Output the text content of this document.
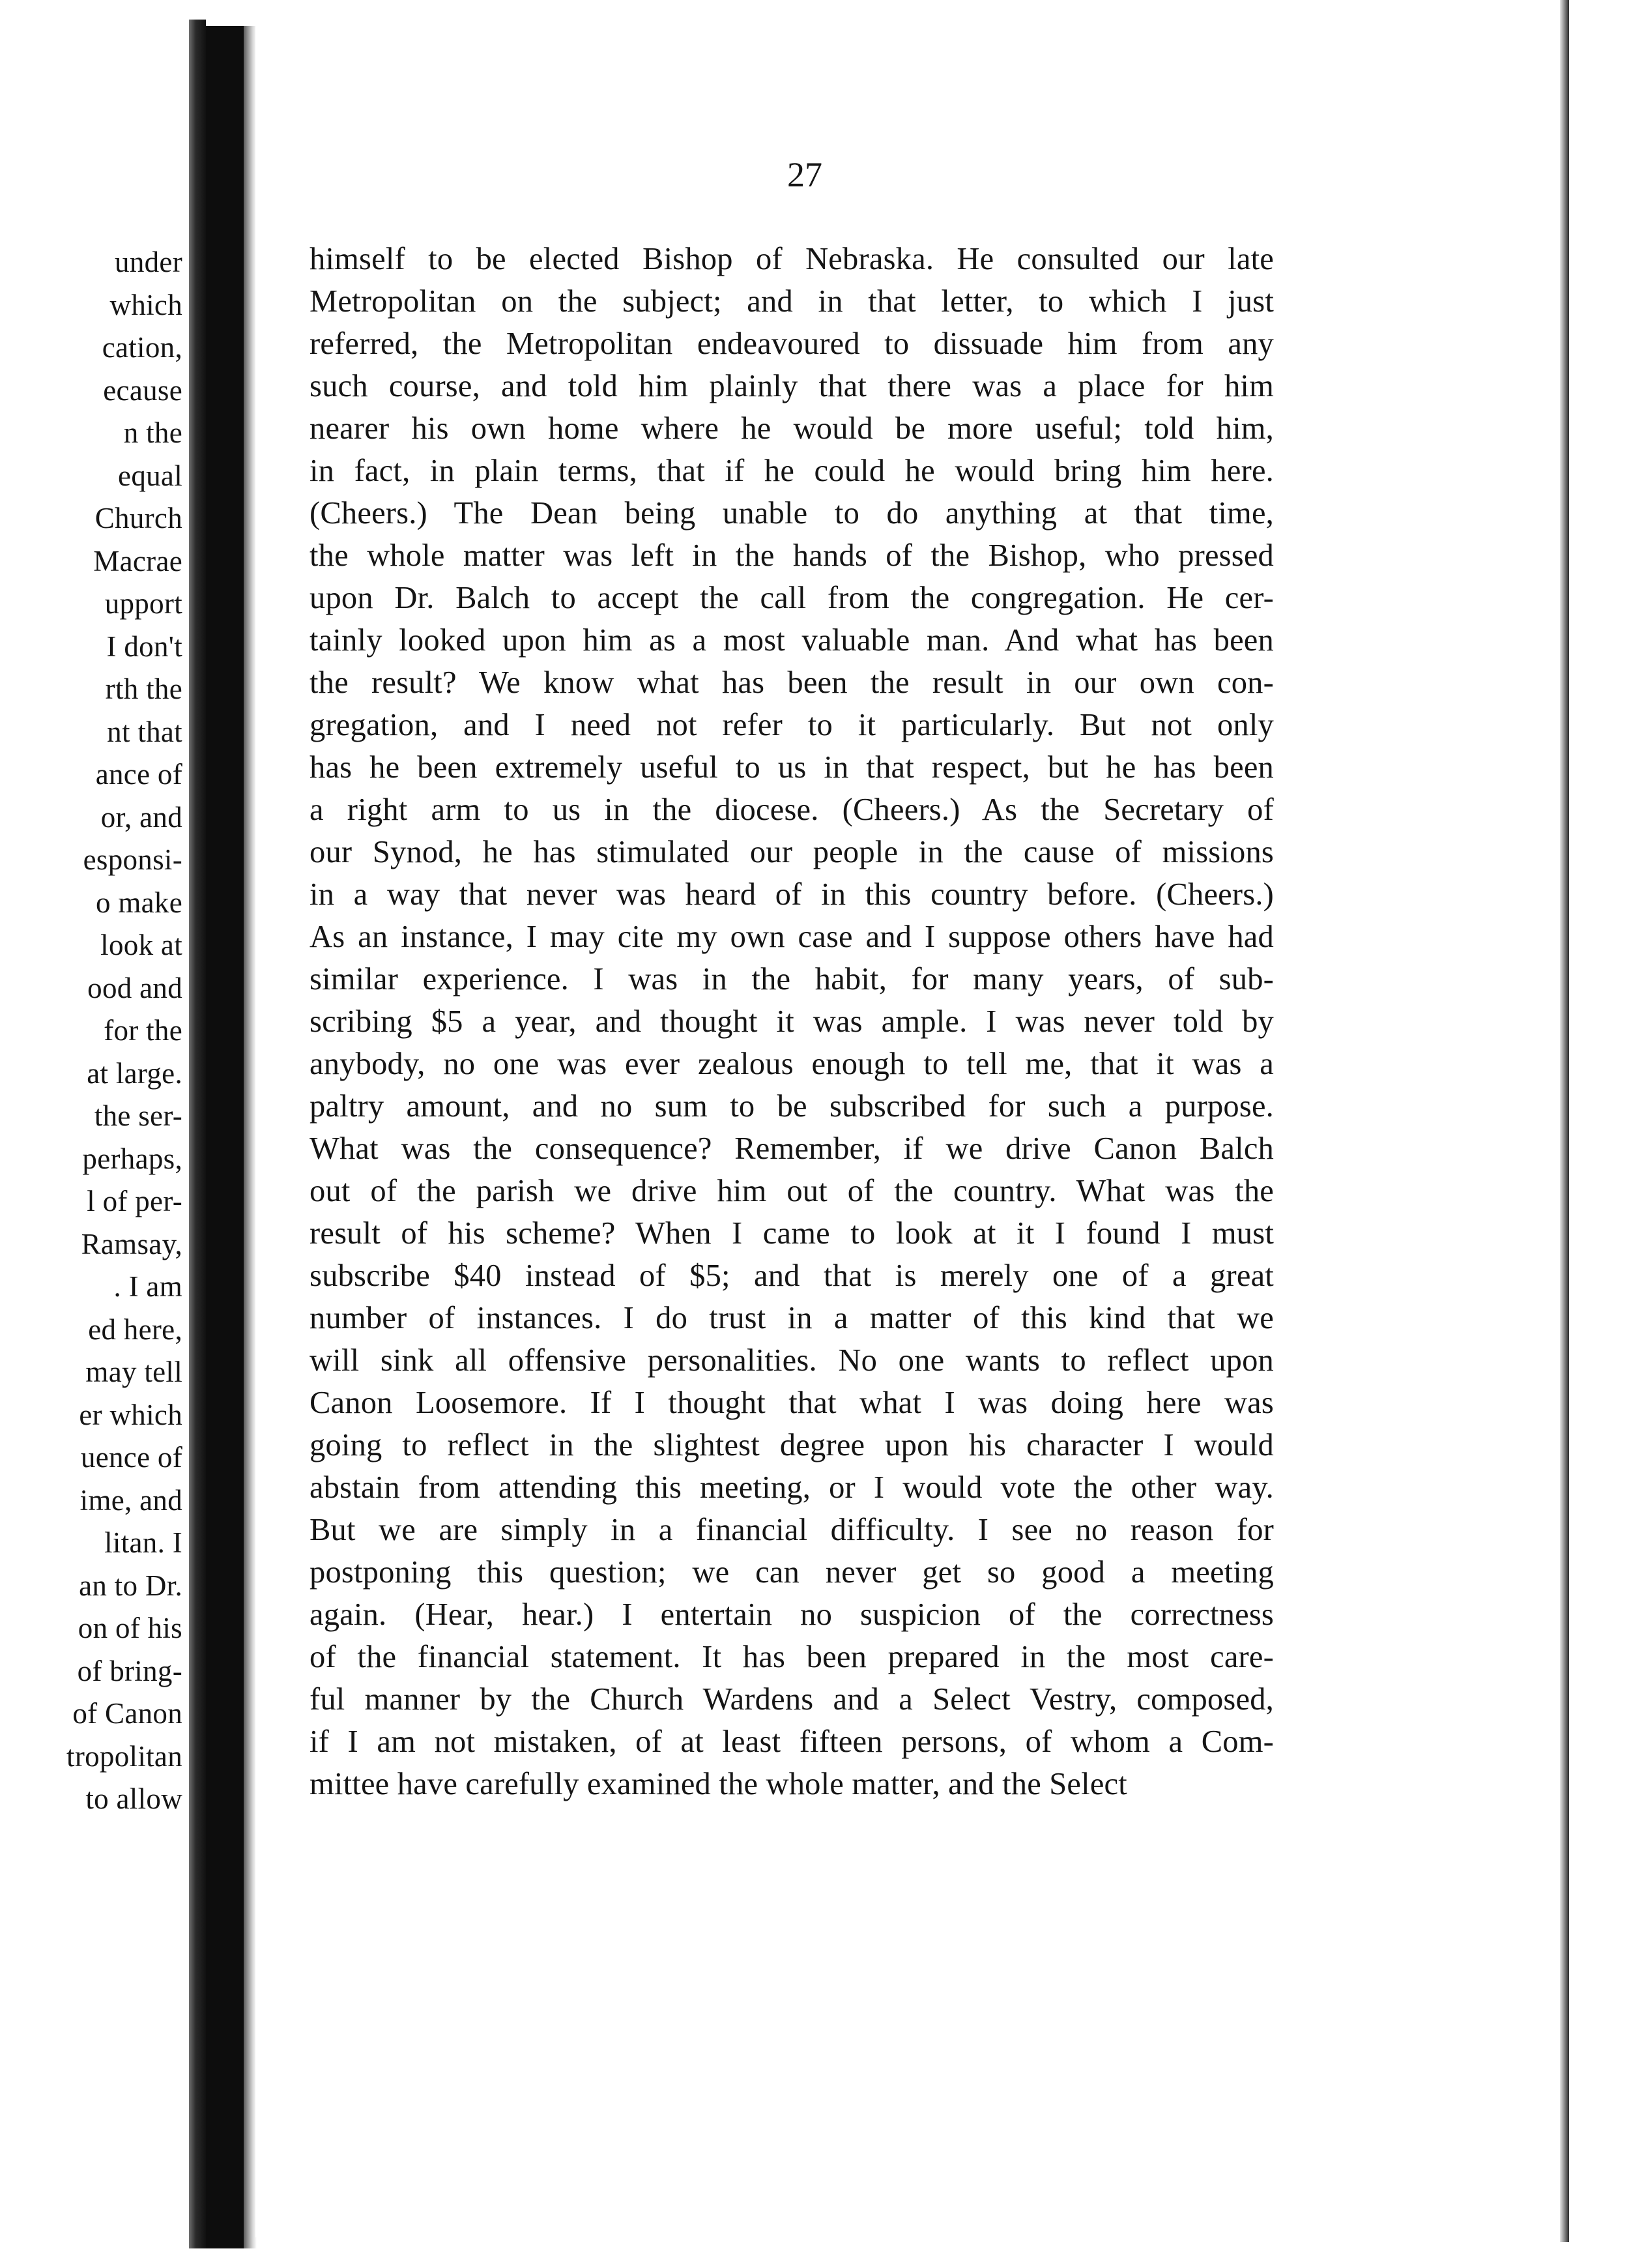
under
which
cation,
ecause
n the
equal
Church
Macrae
upport
I don't
rth the
nt that
ance of
or, and
esponsi-
o make
look at
ood and
for the
at large.
the ser-
perhaps,
l of per-
Ramsay,
. I am
ed here,
may tell
er which
uence of
ime, and
litan. I
an to Dr.
on of his
of bring-
of Canon
tropolitan
to allow
27
himself to be elected Bishop of Nebraska. He consulted our late
Metropolitan on the subject; and in that letter, to which I just
referred, the Metropolitan endeavoured to dissuade him from any
such course, and told him plainly that there was a place for him
nearer his own home where he would be more useful; told him,
in fact, in plain terms, that if he could he would bring him here.
(Cheers.) The Dean being unable to do anything at that time,
the whole matter was left in the hands of the Bishop, who pressed
upon Dr. Balch to accept the call from the congregation. He cer-
tainly looked upon him as a most valuable man. And what has been
the result? We know what has been the result in our own con-
gregation, and I need not refer to it particularly. But not only
has he been extremely useful to us in that respect, but he has been
a right arm to us in the diocese. (Cheers.) As the Secretary of
our Synod, he has stimulated our people in the cause of missions
in a way that never was heard of in this country before. (Cheers.)
As an instance, I may cite my own case and I suppose others have had
similar experience. I was in the habit, for many years, of sub-
scribing $5 a year, and thought it was ample. I was never told by
anybody, no one was ever zealous enough to tell me, that it was a
paltry amount, and no sum to be subscribed for such a purpose.
What was the consequence? Remember, if we drive Canon Balch
out of the parish we drive him out of the country. What was the
result of his scheme? When I came to look at it I found I must
subscribe $40 instead of $5; and that is merely one of a great
number of instances. I do trust in a matter of this kind that we
will sink all offensive personalities. No one wants to reflect upon
Canon Loosemore. If I thought that what I was doing here was
going to reflect in the slightest degree upon his character I would
abstain from attending this meeting, or I would vote the other way.
But we are simply in a financial difficulty. I see no reason for
postponing this question; we can never get so good a meeting
again. (Hear, hear.) I entertain no suspicion of the correctness
of the financial statement. It has been prepared in the most care-
ful manner by the Church Wardens and a Select Vestry, composed,
if I am not mistaken, of at least fifteen persons, of whom a Com-
mittee have carefully examined the whole matter, and the Select
